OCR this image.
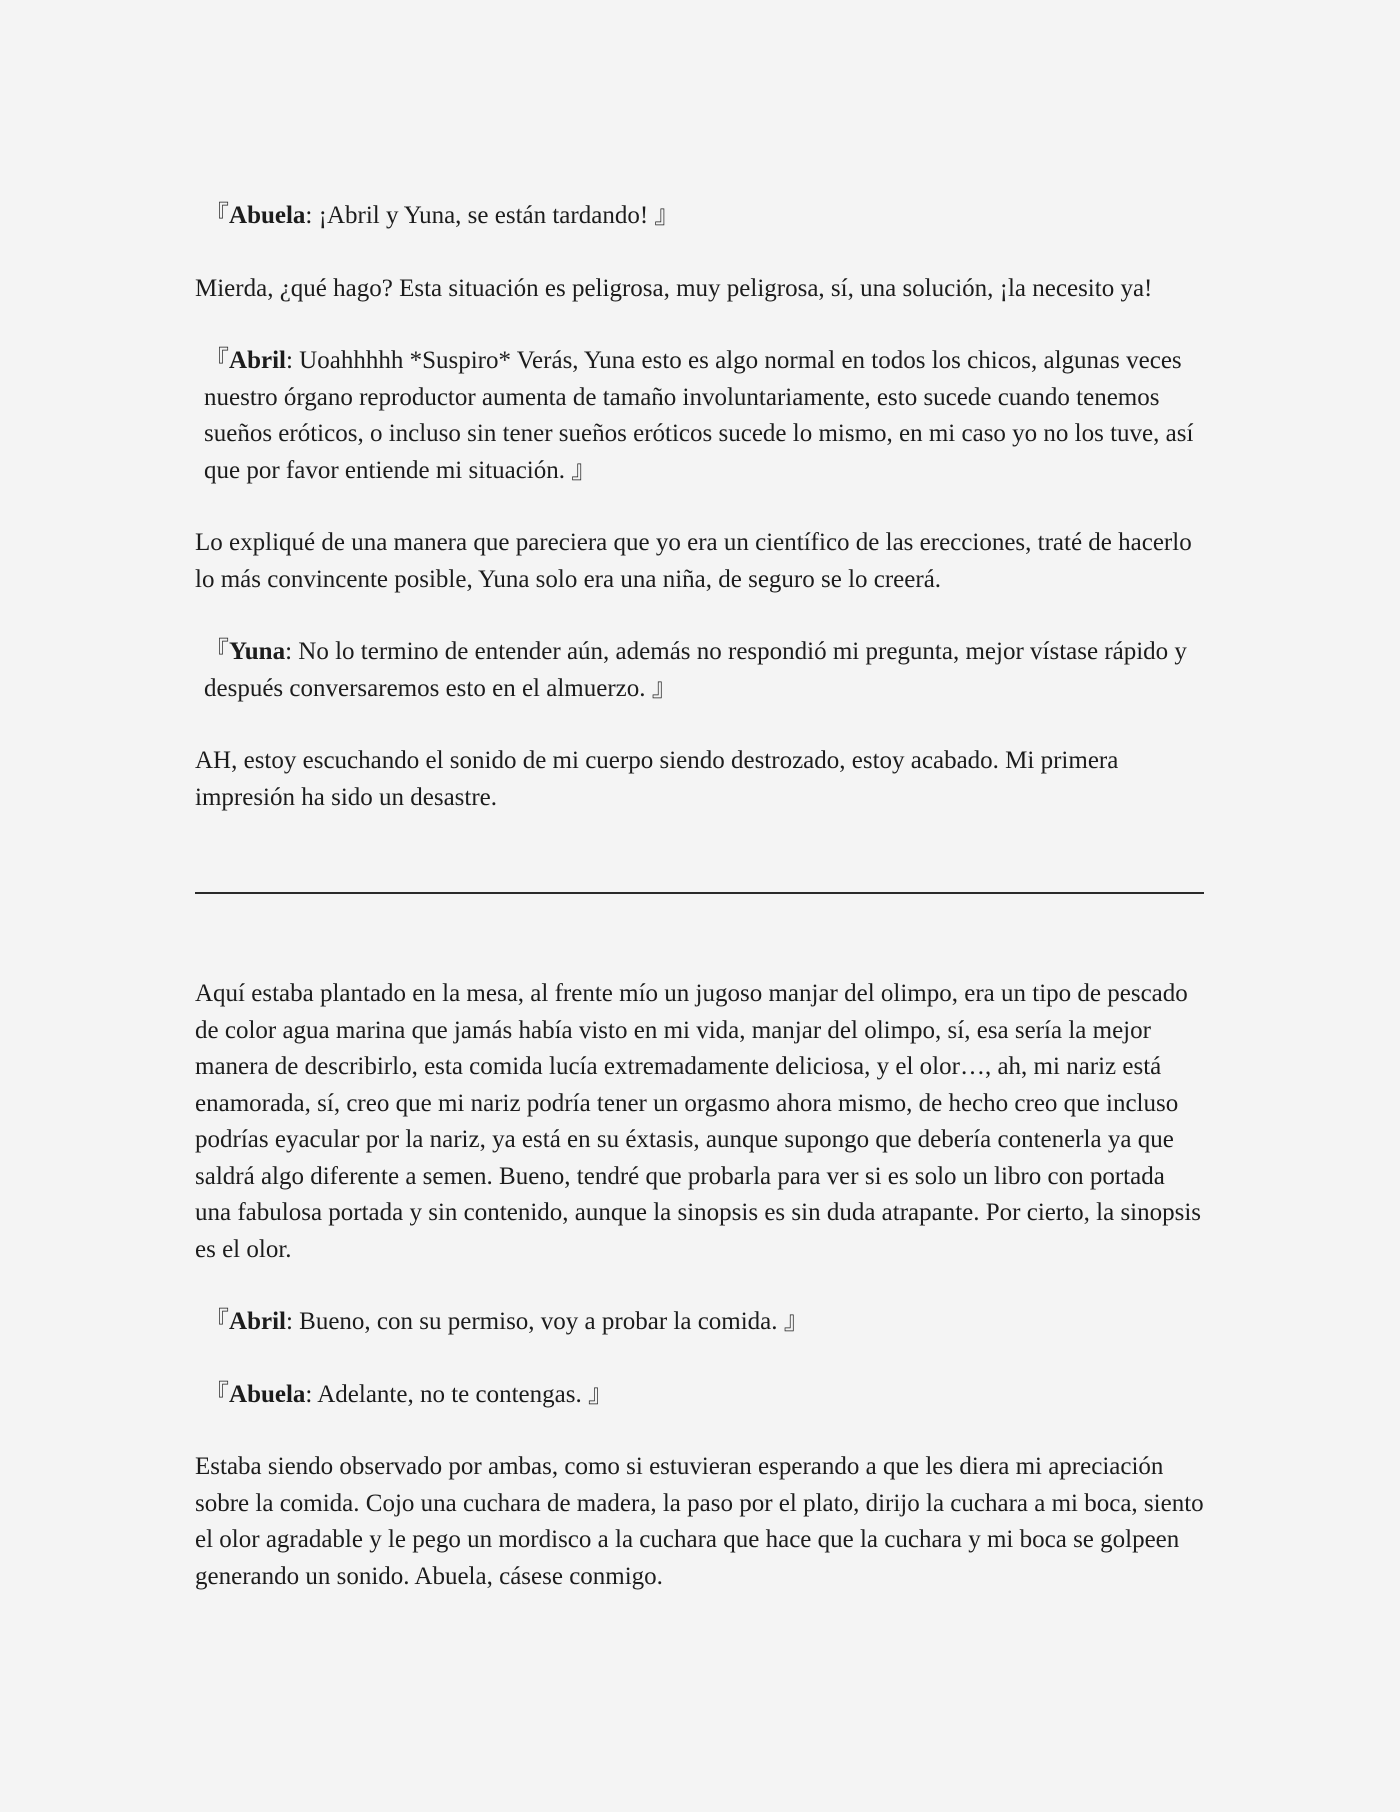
『Abuela: ¡Abril y Yuna, se están tardando! 』

Mierda, ¿qué hago? Esta situación es peligrosa, muy peligrosa, sí, una solución, ¡la necesito ya!

『Abril: Uoahhhhh *Suspiro* Verás, Yuna esto es algo normal en todos los chicos, algunas veces nuestro órgano reproductor aumenta de tamaño involuntariamente, esto sucede cuando tenemos sueños eróticos, o incluso sin tener sueños eróticos sucede lo mismo, en mi caso yo no los tuve, así que por favor entiende mi situación. 』

Lo expliqué de una manera que pareciera que yo era un científico de las erecciones, traté de hacerlo lo más convincente posible, Yuna solo era una niña, de seguro se lo creerá.

『Yuna: No lo termino de entender aún, además no respondió mi pregunta, mejor vístase rápido y después conversaremos esto en el almuerzo. 』

AH, estoy escuchando el sonido de mi cuerpo siendo destrozado, estoy acabado. Mi primera impresión ha sido un desastre.

Aquí estaba plantado en la mesa, al frente mío un jugoso manjar del olimpo, era un tipo de pescado de color agua marina que jamás había visto en mi vida, manjar del olimpo, sí, esa sería la mejor manera de describirlo, esta comida lucía extremadamente deliciosa, y el olor…, ah, mi nariz está enamorada, sí, creo que mi nariz podría tener un orgasmo ahora mismo, de hecho creo que incluso podrías eyacular por la nariz, ya está en su éxtasis, aunque supongo que debería contenerla ya que saldrá algo diferente a semen. Bueno, tendré que probarla para ver si es solo un libro con portada una fabulosa portada y sin contenido, aunque la sinopsis es sin duda atrapante. Por cierto, la sinopsis es el olor.

『Abril: Bueno, con su permiso, voy a probar la comida. 』

『Abuela: Adelante, no te contengas. 』

Estaba siendo observado por ambas, como si estuvieran esperando a que les diera mi apreciación sobre la comida. Cojo una cuchara de madera, la paso por el plato, dirijo la cuchara a mi boca, siento el olor agradable y le pego un mordisco a la cuchara que hace que la cuchara y mi boca se golpeen generando un sonido. Abuela, cásese conmigo.
